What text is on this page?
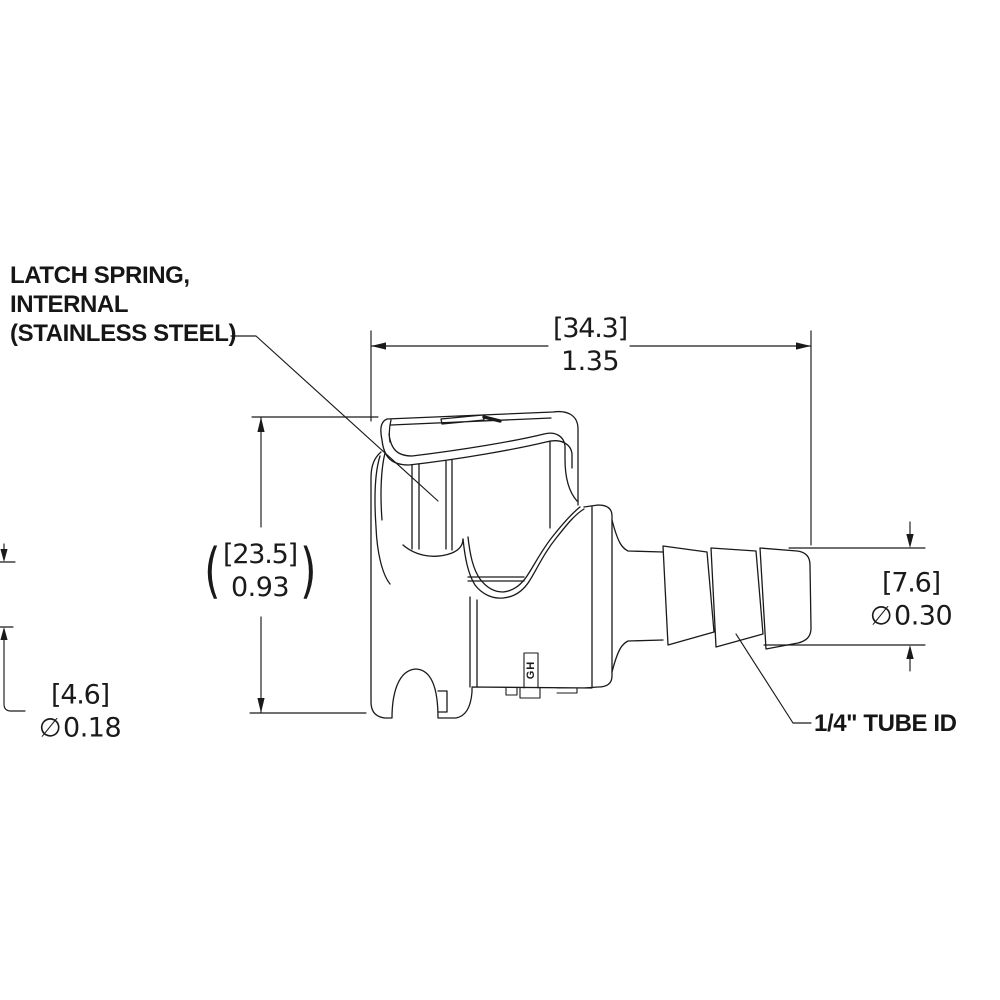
LATCH SPRING,
INTERNAL
(STAINLESS STEEL)	[34.3]
1.35
( [23.5]
0.93 )
[4.6]
∅0.18
[7.6]
∅0.30
1/4" TUBE ID
GH
